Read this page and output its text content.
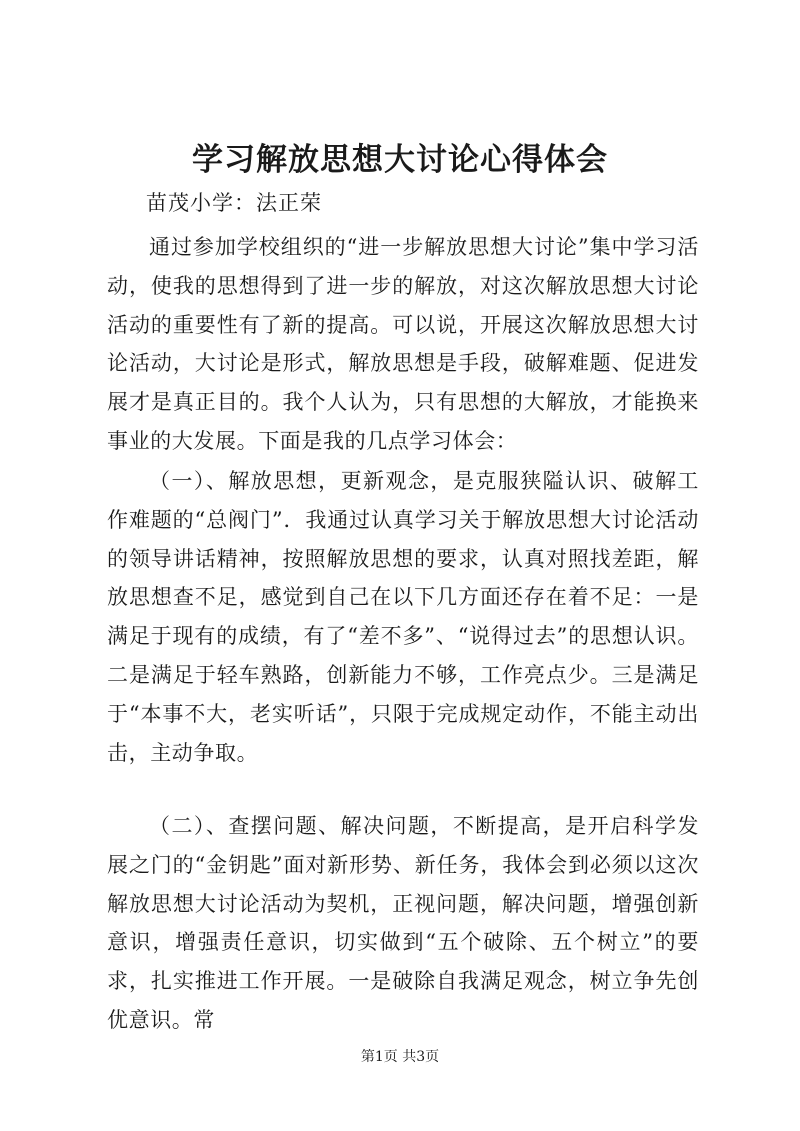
学习解放思想大讨论心得体会

苗茂小学：法正荣

通过参加学校组织的“进一步解放思想大讨论”集中学习活动，使我的思想得到了进一步的解放，对这次解放思想大讨论活动的重要性有了新的提高。可以说，开展这次解放思想大讨论活动，大讨论是形式，解放思想是手段，破解难题、促进发展才是真正目的。我个人认为，只有思想的大解放，才能换来事业的大发展。下面是我的几点学习体会：

（一）、解放思想，更新观念，是克服狭隘认识、破解工作难题的“总阀门”．我通过认真学习关于解放思想大讨论活动的领导讲话精神，按照解放思想的要求，认真对照找差距，解放思想查不足，感觉到自己在以下几方面还存在着不足：一是满足于现有的成绩，有了“差不多”、“说得过去”的思想认识。二是满足于轻车熟路，创新能力不够，工作亮点少。三是满足于“本事不大，老实听话”，只限于完成规定动作，不能主动出击，主动争取。

（二）、查摆问题、解决问题，不断提高，是开启科学发展之门的“金钥匙”面对新形势、新任务，我体会到必须以这次解放思想大讨论活动为契机，正视问题，解决问题，增强创新意识，增强责任意识，切实做到“五个破除、五个树立”的要求，扎实推进工作开展。一是破除自我满足观念，树立争先创优意识。常

第1页 共3页
